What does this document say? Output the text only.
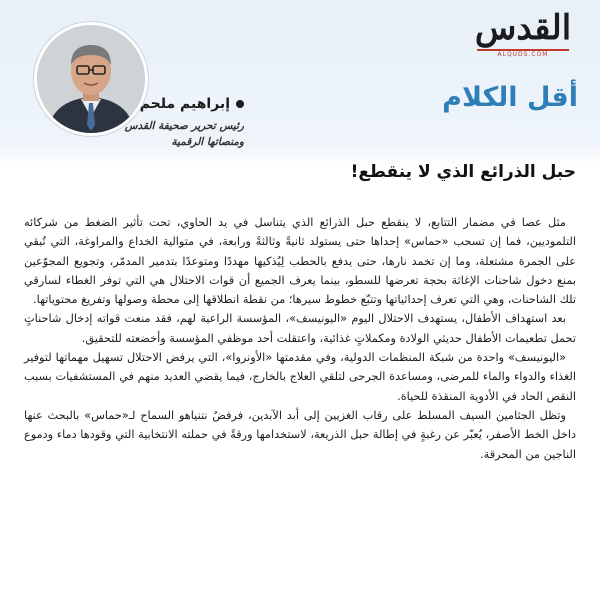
القدس
ALQUDS.COM
أقل الكلام
إبراهيم ملحم
رئيس تحرير صحيفة القدس
ومنصاتها الرقمية
حبل الذرائع الذي لا ينقطع!

مثل عصا في مضمار التتابع، لا ينقطع حبل الذرائع الذي يتناسل في يد الحاوي، تحت تأثير الضغط من شركائه التلموديين، فما إن تسحب «حماس» إحداها حتى يستولد ثانيةً وثالثةً ورابعة، في متوالية الخداع والمراوغة، التي تُبقي على الجمرة مشتعلة، وما إن تخمد نارها، حتى يدفع بالحطب لِيُذكيها مهددًا ومتوعدًا بتدمير المدمّر، وتجويع المجوّعين بمنع دخول شاحنات الإغاثة بحجة تعرضها للسطو، بينما يعرف الجميع أن قوات الاحتلال هي التي توفر الغطاء لسارقي تلك الشاحنات، وهي التي تعرف إحداثياتها وتتبّع خطوط سيرها؛ من نقطة انطلاقها إلى محطة وصولها وتفريغ محتوياتها.

بعد استهداف الأطفال، يستهدف الاحتلال اليوم «اليونيسف»، المؤسسة الراعية لهم، فقد منعت قواته إدخال شاحناتٍ تحمل تطعيمات الأطفال حديثي الولادة ومكملاتٍ غذائية، واعتقلت أحد موظفي المؤسسة وأخضعته للتحقيق.

«اليونيسف» واحدة من شبكة المنظمات الدولية، وفي مقدمتها «الأونروا»، التي يرفض الاحتلال تسهيل مهماتها لتوفير الغذاء والدواء والماء للمرضى، ومساعدة الجرحى لتلقي العلاج بالخارج، فيما يقضي العديد منهم في المستشفيات بسبب النقص الحاد في الأدوية المنقذة للحياة.

وتظل الجثامين السيف المسلط على رقاب الغزيين إلى أبد الآبدين، فرفضُ نتنياهو السماح لـ«حماس» بالبحث عنها داخل الخط الأصفر، يُعبّر عن رغبةٍ في إطالة حبل الذريعة، لاستخدامها ورقةً في حملته الانتخابية التي وقودها دماء ودموع الناجين من المحرقة.
